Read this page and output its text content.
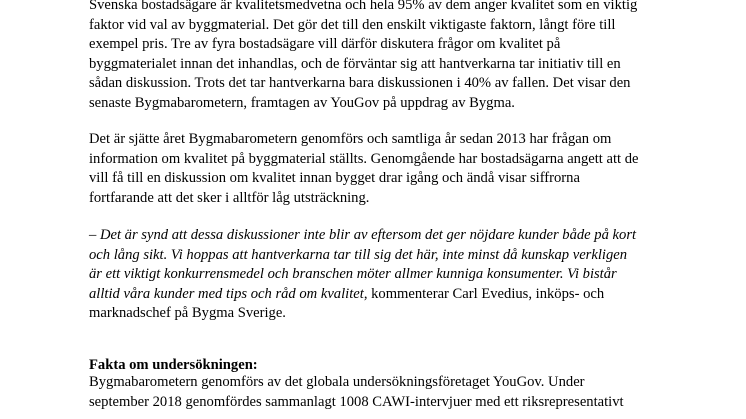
Svenska bostadsägare är kvalitetsmedvetna och hela 95% av dem anger kvalitet som en viktig
faktor vid val av byggmaterial. Det gör det till den enskilt viktigaste faktorn, långt före till
exempel pris. Tre av fyra bostadsägare vill därför diskutera frågor om kvalitet på
byggmaterialet innan det inhandlas, och de förväntar sig att hantverkarna tar initiativ till en
sådan diskussion. Trots det tar hantverkarna bara diskussionen i 40% av fallen. Det visar den
senaste Bygmabarometern, framtagen av YouGov på uppdrag av Bygma.

Det är sjätte året Bygmabarometern genomförs och samtliga år sedan 2013 har frågan om
information om kvalitet på byggmaterial ställts. Genomgående har bostadsägarna angett att de
vill få till en diskussion om kvalitet innan bygget drar igång och ändå visar siffrorna
fortfarande att det sker i alltför låg utsträckning.

– Det är synd att dessa diskussioner inte blir av eftersom det ger nöjdare kunder både på kort
och lång sikt. Vi hoppas att hantverkarna tar till sig det här, inte minst då kunskap verkligen
är ett viktigt konkurrensmedel och branschen möter allmer kunniga konsumenter. Vi bistår
alltid våra kunder med tips och råd om kvalitet, kommenterar Carl Evedius, inköps- och
marknadschef på Bygma Sverige.

Fakta om undersökningen:

Bygmabarometern genomförs av det globala undersökningsföretaget YouGov. Under
september 2018 genomfördes sammanlagt 1008 CAWI-intervjuer med ett riksrepresentativt
